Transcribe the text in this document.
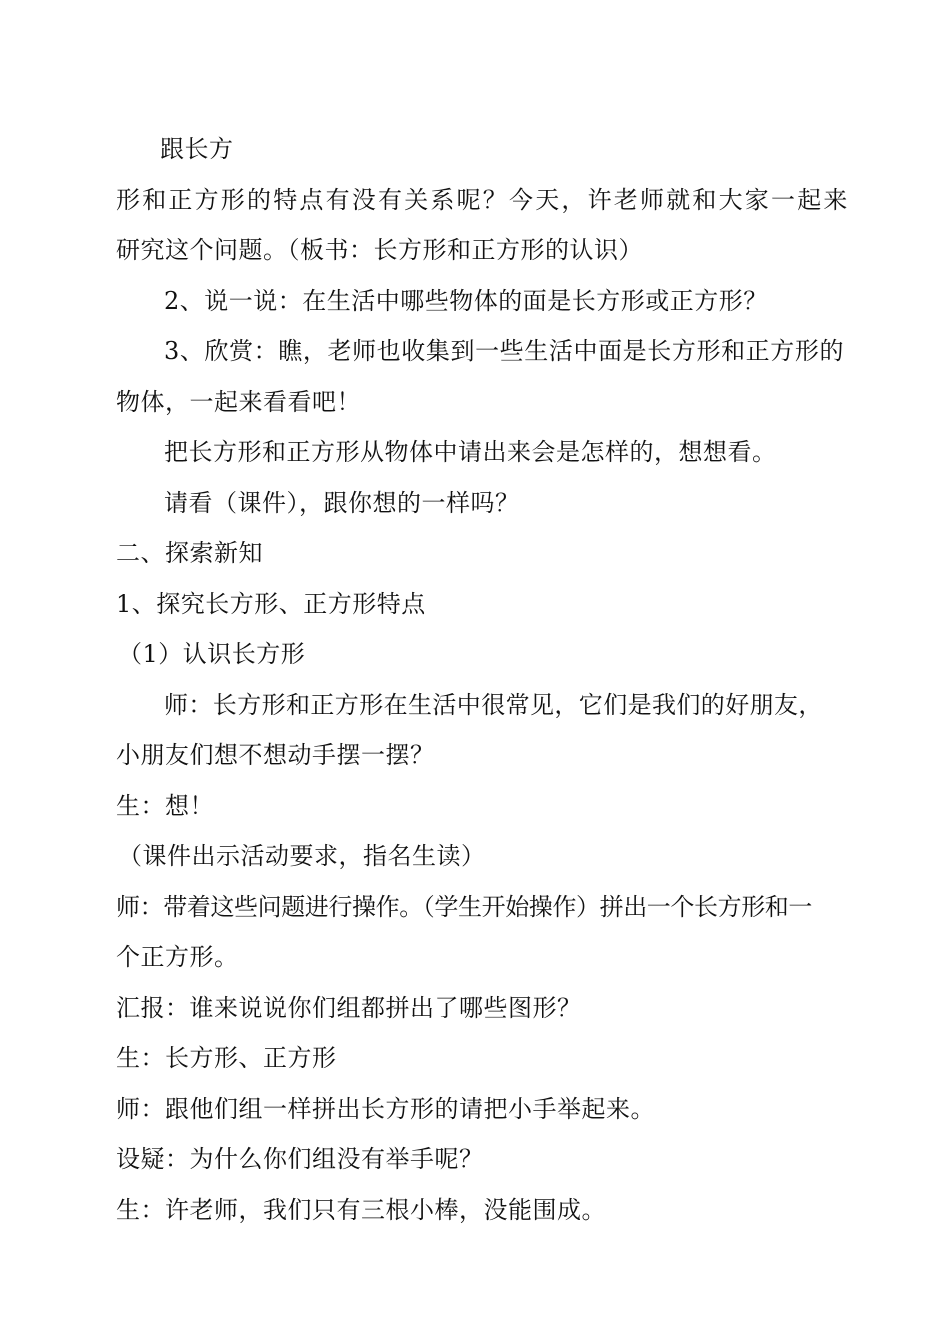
跟长方
形和正方形的特点有没有关系呢？今天，许老师就和大家一起来
研究这个问题。（板书：长方形和正方形的认识）
2、说一说：在生活中哪些物体的面是长方形或正方形？
3、欣赏：瞧，老师也收集到一些生活中面是长方形和正方形的
物体，一起来看看吧！
把长方形和正方形从物体中请出来会是怎样的，想想看。
请看（课件），跟你想的一样吗？
二、探索新知
1、探究长方形、正方形特点
（1）认识长方形
师：长方形和正方形在生活中很常见，它们是我们的好朋友，
小朋友们想不想动手摆一摆？
生：想！
（课件出示活动要求，指名生读）
师：带着这些问题进行操作。（学生开始操作）拼出一个长方形和一
个正方形。
汇报：谁来说说你们组都拼出了哪些图形？
生：长方形、正方形
师：跟他们组一样拼出长方形的请把小手举起来。
设疑：为什么你们组没有举手呢？
生：许老师，我们只有三根小棒，没能围成。
